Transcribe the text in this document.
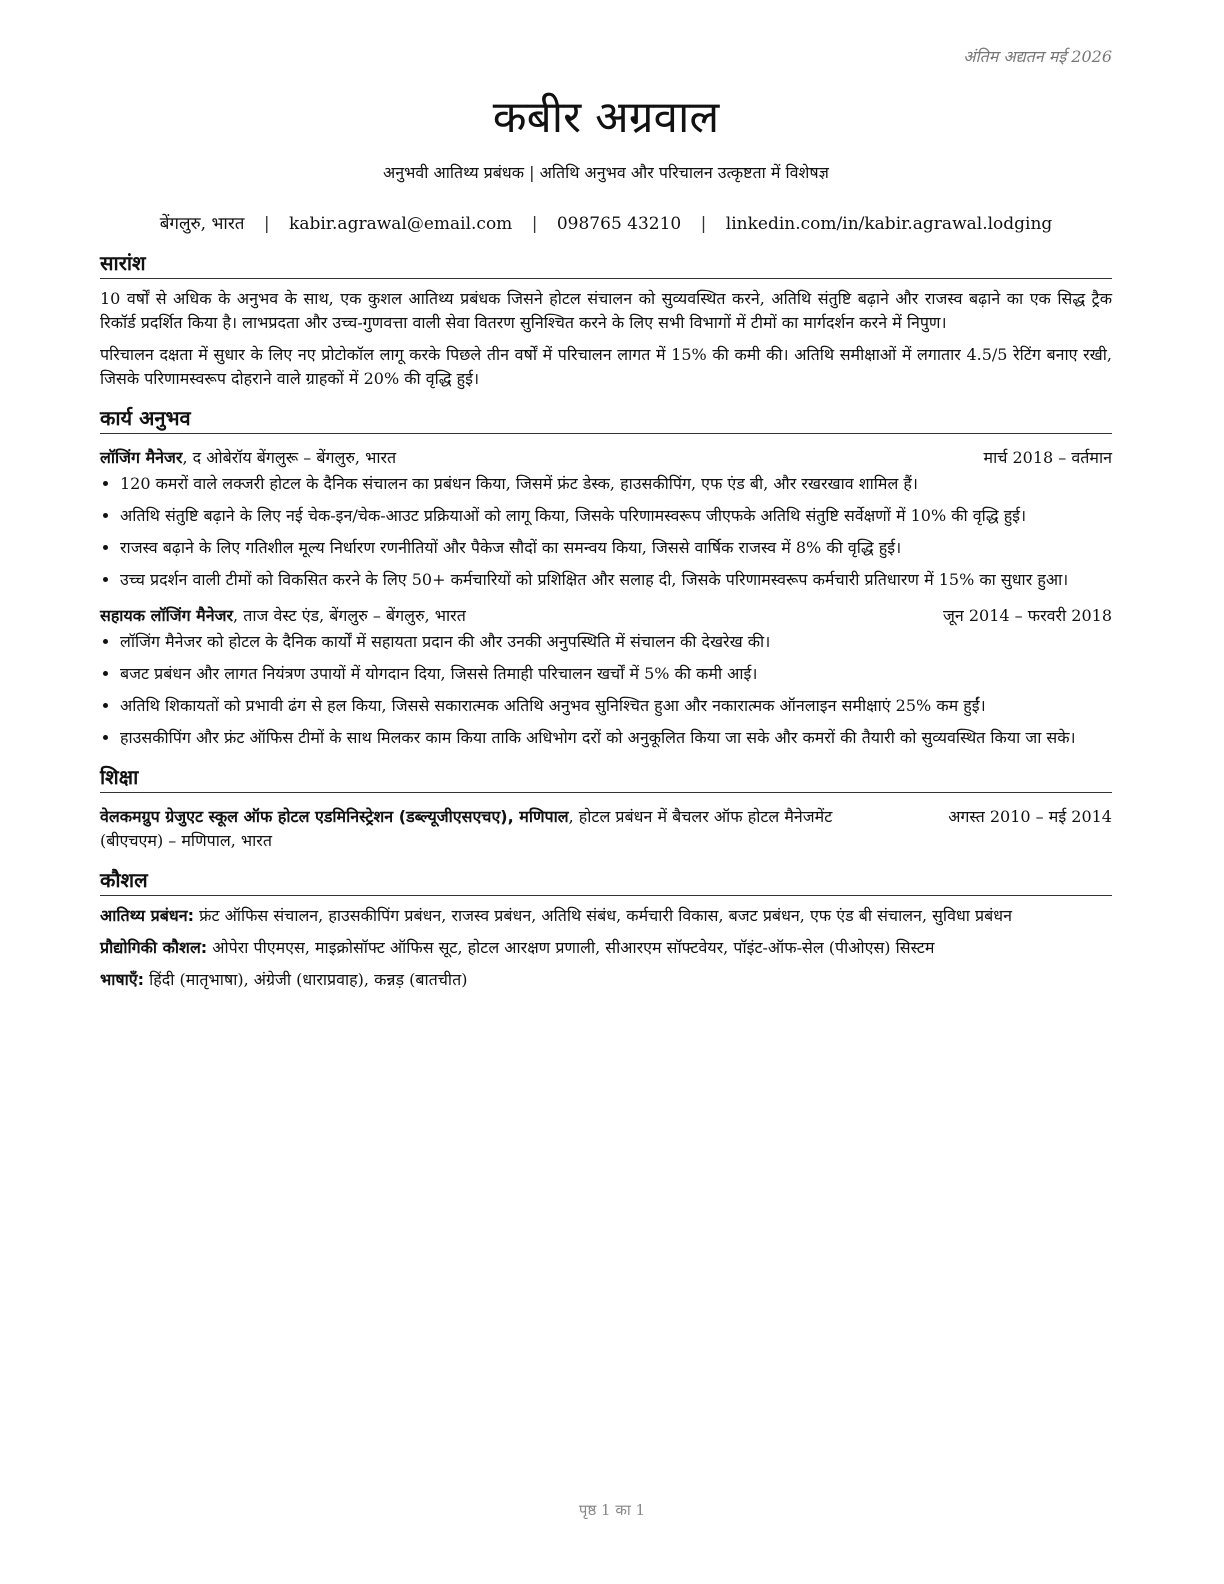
अंतिम अद्यतन मई 2026
कबीर अग्रवाल
अनुभवी आतिथ्य प्रबंधक | अतिथि अनुभव और परिचालन उत्कृष्टता में विशेषज्ञ
बेंगलुरु, भारत | kabir.agrawal@email.com | 098765 43210 | linkedin.com/in/kabir.agrawal.lodging
सारांश

10 वर्षों से अधिक के अनुभव के साथ, एक कुशल आतिथ्य प्रबंधक जिसने होटल संचालन को सुव्यवस्थित करने, अतिथि संतुष्टि बढ़ाने और राजस्व बढ़ाने का एक सिद्ध ट्रैक रिकॉर्ड प्रदर्शित किया है। लाभप्रदता और उच्च-गुणवत्ता वाली सेवा वितरण सुनिश्चित करने के लिए सभी विभागों में टीमों का मार्गदर्शन करने में निपुण।

परिचालन दक्षता में सुधार के लिए नए प्रोटोकॉल लागू करके पिछले तीन वर्षों में परिचालन लागत में 15% की कमी की। अतिथि समीक्षाओं में लगातार 4.5/5 रेटिंग बनाए रखी, जिसके परिणामस्वरूप दोहराने वाले ग्राहकों में 20% की वृद्धि हुई।

कार्य अनुभव
लॉजिंग मैनेजर, द ओबेरॉय बेंगलुरू – बेंगलुरु, भारत	मार्च 2018 – वर्तमान
• 120 कमरों वाले लक्जरी होटल के दैनिक संचालन का प्रबंधन किया, जिसमें फ्रंट डेस्क, हाउसकीपिंग, एफ एंड बी, और रखरखाव शामिल हैं।
• अतिथि संतुष्टि बढ़ाने के लिए नई चेक-इन/चेक-आउट प्रक्रियाओं को लागू किया, जिसके परिणामस्वरूप जीएफके अतिथि संतुष्टि सर्वेक्षणों में 10% की वृद्धि हुई।
• राजस्व बढ़ाने के लिए गतिशील मूल्य निर्धारण रणनीतियों और पैकेज सौदों का समन्वय किया, जिससे वार्षिक राजस्व में 8% की वृद्धि हुई।
• उच्च प्रदर्शन वाली टीमों को विकसित करने के लिए 50+ कर्मचारियों को प्रशिक्षित और सलाह दी, जिसके परिणामस्वरूप कर्मचारी प्रतिधारण में 15% का सुधार हुआ।
सहायक लॉजिंग मैनेजर, ताज वेस्ट एंड, बेंगलुरु – बेंगलुरु, भारत	जून 2014 – फरवरी 2018
• लॉजिंग मैनेजर को होटल के दैनिक कार्यों में सहायता प्रदान की और उनकी अनुपस्थिति में संचालन की देखरेख की।
• बजट प्रबंधन और लागत नियंत्रण उपायों में योगदान दिया, जिससे तिमाही परिचालन खर्चों में 5% की कमी आई।
• अतिथि शिकायतों को प्रभावी ढंग से हल किया, जिससे सकारात्मक अतिथि अनुभव सुनिश्चित हुआ और नकारात्मक ऑनलाइन समीक्षाएं 25% कम हुईं।
• हाउसकीपिंग और फ्रंट ऑफिस टीमों के साथ मिलकर काम किया ताकि अधिभोग दरों को अनुकूलित किया जा सके और कमरों की तैयारी को सुव्यवस्थित किया जा सके।
शिक्षा
वेलकमग्रुप ग्रेजुएट स्कूल ऑफ होटल एडमिनिस्ट्रेशन (डब्ल्यूजीएसएचए), मणिपाल, होटल प्रबंधन में बैचलर ऑफ होटल मैनेजमेंट (बीएचएम) – मणिपाल, भारत
अगस्त 2010 – मई 2014
कौशल
आतिथ्य प्रबंधन: फ्रंट ऑफिस संचालन, हाउसकीपिंग प्रबंधन, राजस्व प्रबंधन, अतिथि संबंध, कर्मचारी विकास, बजट प्रबंधन, एफ एंड बी संचालन, सुविधा प्रबंधन
प्रौद्योगिकी कौशल: ओपेरा पीएमएस, माइक्रोसॉफ्ट ऑफिस सूट, होटल आरक्षण प्रणाली, सीआरएम सॉफ्टवेयर, पॉइंट-ऑफ-सेल (पीओएस) सिस्टम
भाषाएँ: हिंदी (मातृभाषा), अंग्रेजी (धाराप्रवाह), कन्नड़ (बातचीत)
पृष्ठ 1 का 1
